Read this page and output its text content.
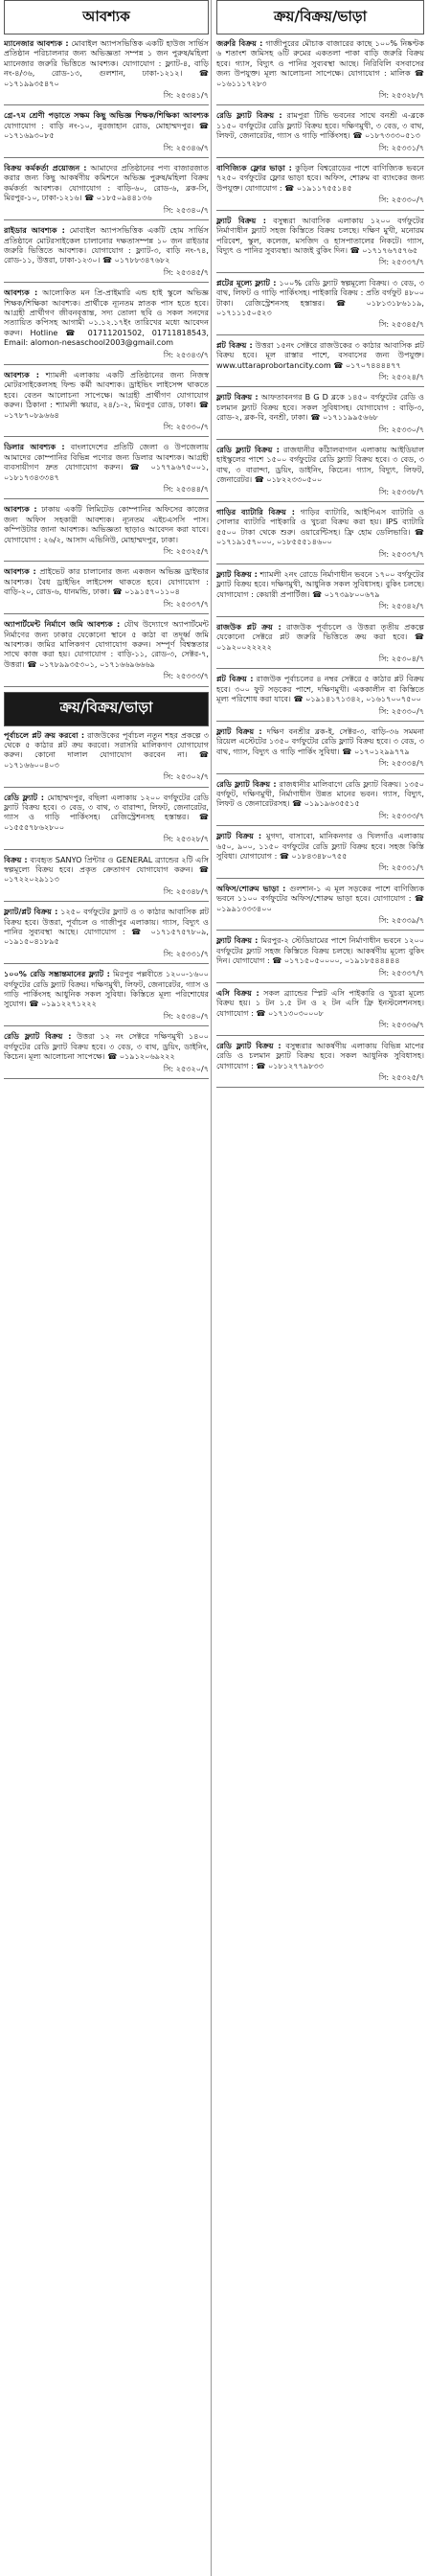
আবশ্যক
ম্যানেজার আবশ্যক : মোবাইল অ্যাপসভিত্তিক একটি হাউজ সার্ভিস প্রতিষ্ঠান পরিচালনার জন্য অভিজ্ঞতা সম্পন্ন ১ জন পুরুষ/মহিলা ম্যানেজার জরুরি ভিত্তিতে আবশ্যক। যোগাযোগ : ফ্ল্যাট-৪, বাড়ি নং-৪/৩৬, রোড-১৩, গুলশান, ঢাকা-১২১২। ☎ ০১৭১৯৯৩৫৪৭০
সি: ২৫৩৪১/৭
গ্রে-৭ম শ্রেণী পড়াতে সক্ষম কিছু অভিজ্ঞ শিক্ষক/শিক্ষিকা আবশ্যক যোগাযোগ : বাড়ি নং-১০, নুরজাহান রোড, মোহাম্মদপুর। ☎ ০১৭১৬৯৩০৮৫
সি: ২৫৩৪৬/৭
বিক্রয় কর্মকর্তা প্রয়োজন : আমাদের প্রতিষ্ঠানের পণ্য বাজারজাত করার জন্য কিছু আকর্ষণীয় কমিশনে অভিজ্ঞ পুরুষ/মহিলা বিক্রয় কর্মকর্তা আবশ্যক। যোগাযোগ : বাড়ি-৬০, রোড-৬, ব্লক-সি, মিরপুর-১০, ঢাকা-১২১৬। ☎ ০১৮৫০৯৪৪১৩৬
সি: ২৫৩৪০/৭
রাইডার আবশ্যক : মোবাইল অ্যাপসভিত্তিক একটি হোম সার্ভিস প্রতিষ্ঠানে মোটরসাইকেল চালানোর দক্ষতাসম্পন্ন ১০ জন রাইডার জরুরি ভিত্তিতে আবশ্যক। যোগাযোগ : ফ্ল্যাট-৩, বাড়ি নং-৭৪, রোড-১১, উত্তরা, ঢাকা-১২৩০। ☎ ০১৭৮৮৩৪৭৬৮২
সি: ২৫৩৪৫/৭
আবশ্যক : আলোকিত মন প্রি-প্রাইমারি এন্ড হাই স্কুলে অভিজ্ঞ শিক্ষক/শিক্ষিকা আবশ্যক। প্রার্থীকে ন্যূনতম স্নাতক পাস হতে হবে। আগ্রহী প্রার্থীগণ জীবনবৃত্তান্ত, সদ্য তোলা ছবি ও সকল সনদের সত্যায়িত কপিসহ আগামী ০১.১২.১৭ইং তারিখের মধ্যে আবেদন করুন। Hotline ☎ 01711201502, 01711818543, Email: alomon-nesaschool2003@gmail.com
সি: ২৫৩৪৩/৭
আবশ্যক : শ্যামলী এলাকায় একটি প্রতিষ্ঠানের জন্য নিজস্ব মোটরসাইকেলসহ ফিল্ড কর্মী আবশ্যক। ড্রাইভিং লাইসেন্স থাকতে হবে। বেতন আলোচনা সাপেক্ষে। আগ্রহী প্রার্থীগণ যোগাযোগ করুন। ঠিকানা : শ্যামলী স্কয়ার, ২৪/১-২, মিরপুর রোড, ঢাকা। ☎ ০১৭৮৭০৮৯৬৬৪
সি: ২৫৩৩০/৭
ডিলার আবশ্যক : বাংলাদেশের প্রতিটি জেলা ও উপজেলায় আমাদের কোম্পানির বিভিন্ন পণ্যের জন্য ডিলার আবশ্যক। আগ্রহী ব্যবসায়ীগণ দ্রুত যোগাযোগ করুন। ☎ ০১৭৭৯৬৭৫০০১, ০১৮১৭৩৪৩৩৪৭
সি: ২৫৩৪৪/৭
আবশ্যক : ঢাকায় একটি লিমিটেড কোম্পানির অফিসের কাজের জন্য অফিস সহকারী আবশ্যক। ন্যূনতম এইচএসসি পাস। কম্পিউটার জানা আবশ্যক। অভিজ্ঞতা ছাড়াও আবেদন করা যাবে। যোগাযোগ : ২৬/২, আসাদ এভিনিউ, মোহাম্মদপুর, ঢাকা।
সি: ২৫৩২৫/৭
আবশ্যক : প্রাইভেট কার চালানোর জন্য একজন অভিজ্ঞ ড্রাইভার আবশ্যক। বৈধ ড্রাইভিং লাইসেন্স থাকতে হবে। যোগাযোগ : বাড়ি-২০, রোড-৬, ধানমন্ডি, ঢাকা। ☎ ০১৯১৫৭০১১০৪
সি: ২৫৩৩৭/৭
অ্যাপার্টমেন্ট নির্মাণে জমি আবশ্যক : যৌথ উদ্যোগে অ্যাপার্টমেন্ট নির্মাণের জন্য ঢাকার যেকোনো স্থানে ৫ কাঠা বা তদূর্ধ্ব জমি আবশ্যক। জমির মালিকগণ যোগাযোগ করুন। সম্পূর্ণ বিশ্বস্ততার সাথে কাজ করা হয়। যোগাযোগ : বাড়ি-১১, রোড-৩, সেক্টর-৭, উত্তরা। ☎ ০১৭৮৯৯৩৫৩০১, ০১৭১৬৬৯৬৬৬৯
সি: ২৫৩৩৩/৭
ক্রয়/বিক্রয়/ভাড়া
পূর্বাচলে প্লট ক্রয় করবো : রাজউকের পূর্বাচল নতুন শহর প্রকল্পে ৩ থেকে ৫ কাঠার প্লট ক্রয় করবো। সরাসরি মালিকগণ যোগাযোগ করুন। কোনো দালাল যোগাযোগ করবেন না। ☎ ০১৭১৬৬০০৪০৩
সি: ২৫৩০২/৭
রেডি ফ্ল্যাট : মোহাম্মদপুর, বছিলা এলাকায় ১২০০ বর্গফুটের রেডি ফ্ল্যাট বিক্রয় হবে। ৩ বেড, ৩ বাথ, ৩ বারান্দা, লিফট, জেনারেটর, গ্যাস ও গাড়ি পার্কিংসহ। রেজিস্ট্রেশনসহ হস্তান্তর। ☎ ০১৫৫৫৭৮৬২৮০০
সি: ২৫৩২৮/৭
বিক্রয় : ব্যবহৃত SANYO প্রিন্টার ও GENERAL ব্র্যান্ডের ২টি এসি স্বল্পমূল্যে বিক্রয় হবে। প্রকৃত ক্রেতাগণ যোগাযোগ করুন। ☎ ০১৭২২০২৯১১৩
সি: ২৫৩৪৮/৭
ফ্ল্যাট/প্লট বিক্রয় : ১২৫০ বর্গফুটের ফ্ল্যাট ও ৩ কাঠার আবাসিক প্লট বিক্রয় হবে। উত্তরা, পূর্বাচল ও গাজীপুর এলাকায়। গ্যাস, বিদ্যুৎ ও পানির সুব্যবস্থা আছে। যোগাযোগ : ☎ ০১৭১৫৭৫৭৮০৯, ০১৯১৫০৪১৮৯৫
সি: ২৫৩৩১/৭
১০০% রেডি সম্ভ্রান্তমানের ফ্ল্যাট : মিরপুর পল্লবীতে ১২০০-১৬০০ বর্গফুটের রেডি ফ্ল্যাট বিক্রয়। দক্ষিণমুখী, লিফট, জেনারেটর, গ্যাস ও গাড়ি পার্কিংসহ আধুনিক সকল সুবিধা। কিস্তিতে মূল্য পরিশোধের সুযোগ। ☎ ০১৯১২২৭১২২২
সি: ২৫৩৪০/৭
রেডি ফ্ল্যাট বিক্রয় : উত্তরা ১২ নং সেক্টরে দক্ষিণমুখী ১৪০০ বর্গফুটের রেডি ফ্ল্যাট বিক্রয় হবে। ৩ বেড, ৩ বাথ, ড্রয়িং, ডাইনিং, কিচেন। মূল্য আলোচনা সাপেক্ষে। ☎ ০১৯১২০৬৯২২২
সি: ২৫৩২০/৭
ক্রয়/বিক্রয়/ভাড়া
জরুরি বিক্রয় : গাজীপুরের মৌচাক বাজারের কাছে ১০০% নিষ্কণ্টক ৬ শতাংশ জমিসহ ৬টি রুমের একতলা পাকা বাড়ি জরুরি বিক্রয় হবে। গ্যাস, বিদ্যুৎ ও পানির সুব্যবস্থা আছে। নিরিবিলি বসবাসের জন্য উপযুক্ত। মূল্য আলোচনা সাপেক্ষে। যোগাযোগ : মালিক ☎ ০১৬১১১৭২৮৩
সি: ২৫৩২৮/৭
রেডি ফ্ল্যাট বিক্রয় : রামপুরা টিভি ভবনের সাথে বনশ্রী এ-ব্লকে ১১৫০ বর্গফুটের রেডি ফ্ল্যাট বিক্রয় হবে। দক্ষিণমুখী, ৩ বেড, ৩ বাথ, লিফট, জেনারেটর, গ্যাস ও গাড়ি পার্কিংসহ। ☎ ০১৮৭৩৩৩০৫১৩
সি: ২৫৩৩১/৭
বাণিজ্যিক ফ্লোর ভাড়া : কুড়িল বিশ্বরোডের পাশে বাণিজ্যিক ভবনে ৭২৫০ বর্গফুটের ফ্লোর ভাড়া হবে। অফিস, শোরুম বা ব্যাংকের জন্য উপযুক্ত। যোগাযোগ : ☎ ০১৯১১৭৫৫১৪৫
সি: ২৫৩৩০/৭
ফ্ল্যাট বিক্রয় : বসুন্ধরা আবাসিক এলাকায় ১২০০ বর্গফুটের নির্মাণাধীন ফ্ল্যাট সহজ কিস্তিতে বিক্রয় চলছে। দক্ষিণ মুখী, মনোরম পরিবেশ, স্কুল, কলেজ, মসজিদ ও হাসপাতালের নিকটে। গ্যাস, বিদ্যুৎ ও পানির সুব্যবস্থা। আজই বুকিং দিন। ☎ ০১৭১৭৬৭৫৭৬৫
সি: ২৫৩৩৭/৭
প্লটের মূল্যে ফ্ল্যাট : ১০০% রেডি ফ্ল্যাট স্বল্পমূল্যে বিক্রয়। ৩ বেড, ৩ বাথ, লিফট ও গাড়ি পার্কিংসহ। পাইকারি বিক্রয় : প্রতি বর্গফুট ৪৮০০ টাকা। রেজিস্ট্রেশনসহ হস্তান্তর। ☎ ০১৮১৩১৮৬১১৯, ০১৭১১১৫০৫২৩
সি: ২৫৩৪৫/৭
প্লট বিক্রয় : উত্তরা ১৫নং সেক্টরে রাজউকের ৩ কাঠার আবাসিক প্লট বিক্রয় হবে। মূল রাস্তার পাশে, বসবাসের জন্য উপযুক্ত। www.uttaraprobortancity.com ☎ ০১৭০৭৪৪৪৪৭৭
সি: ২৫৩২৪/৭
ফ্ল্যাট বিক্রয় : আফতাবনগর B G D ব্লকে ১৪৫০ বর্গফুটের রেডি ও চলমান ফ্ল্যাট বিক্রয় হবে। সকল সুবিধাসহ। যোগাযোগ : বাড়ি-৩, রোড-২, ব্লক-বি, বনশ্রী, ঢাকা। ☎ ০১৭১১৯৯৫৬৬৮
সি: ২৫৩৩০/৭
রেডি ফ্ল্যাট বিক্রয় : রাজধানীর কাঁঠালবাগান এলাকায় আইডিয়াল হাইস্কুলের পাশে ১৫০০ বর্গফুটের রেডি ফ্ল্যাট বিক্রয় হবে। ৩ বেড, ৩ বাথ, ৩ বারান্দা, ড্রয়িং, ডাইনিং, কিচেন। গ্যাস, বিদ্যুৎ, লিফট, জেনারেটর। ☎ ০১৮২২৩৩০৫০০
সি: ২৫৩৩৮/৭
গাড়ির ব্যাটারি বিক্রয় : গাড়ির ব্যাটারি, আইপিএস ব্যাটারি ও সোলার ব্যাটারি পাইকারি ও খুচরা বিক্রয় করা হয়। IPS ব্যাটারি ৫৫০০ টাকা থেকে শুরু। ওয়ারেন্টিসহ। ফ্রি হোম ডেলিভারি। ☎ ০১৭১৯১৫৭০০০, ০১৮৫৫৫১৪৬০০
সি: ২৫৩৩৭/৭
ফ্ল্যাট বিক্রয় : শ্যামলী ২নং রোডে নির্মাণাধীন ভবনে ১৭০০ বর্গফুটের ফ্ল্যাট বিক্রয় হবে। দক্ষিণমুখী, আধুনিক সকল সুবিধাসহ। বুকিং চলছে। যোগাযোগ : কেয়ারী প্রপার্টিজ। ☎ ০১৭৩৯৮০০৬৭৯
সি: ২৫৩৪২/৭
রাজউক প্লট ক্রয় : রাজউক পূর্বাচলে ও উত্তরা তৃতীয় প্রকল্পে যেকোনো সেক্টরে প্লট জরুরি ভিত্তিতে ক্রয় করা হবে। ☎ ০১৯২০০২২২২২
সি: ২৫৩০৪/৭
প্লট বিক্রয় : রাজউক পূর্বাচলের ৪ নম্বর সেক্টরে ৫ কাঠার প্লট বিক্রয় হবে। ৩০০ ফুট সড়কের পাশে, দক্ষিণমুখী। এককালীন বা কিস্তিতে মূল্য পরিশোধ করা যাবে। ☎ ০১৯১৪১৭১৩৪২, ০১৬১৭০০৭৫০০
সি: ২৫৩৩০/৭
ফ্ল্যাট বিক্রয় : দক্ষিণ বনশ্রীর ব্লক-ই, সেক্টর-৩, বাড়ি-৩৬ সমমনা রিয়েল এস্টেটের ১৩৫০ বর্গফুটের রেডি ফ্ল্যাট বিক্রয় হবে। ৩ বেড, ৩ বাথ, গ্যাস, বিদ্যুৎ ও গাড়ি পার্কিং সুবিধা। ☎ ০১৭০১২৯৯৭৭৯
সি: ২৫৩৩৪/৭
রেডি ফ্ল্যাট বিক্রয় : রাজধানীর মালিবাগে রেডি ফ্ল্যাট বিক্রয়। ১৩৫০ বর্গফুট, দক্ষিণমুখী, নির্মাণাধীন উন্নত মানের ভবন। গ্যাস, বিদ্যুৎ, লিফট ও জেনারেটরসহ। ☎ ০১৯১৯৬৩৫৫১৫
সি: ২৫৩৩৩/৭
ফ্ল্যাট বিক্রয় : মুগদা, বাসাবো, মানিকনগর ও খিলগাঁও এলাকায় ৬৫০, ৯০০, ১১৫০ বর্গফুটের রেডি ফ্ল্যাট বিক্রয় হবে। সহজ কিস্তি সুবিধা। যোগাযোগ : ☎ ০১৮৪৩৪৮০৭৫৫
সি: ২৫৩৩১/৭
অফিস/শোরুম ভাড়া : গুলশান-১ এ মূল সড়কের পাশে বাণিজ্যিক ভবনে ১১০০ বর্গফুটের অফিস/শোরুম ভাড়া হবে। যোগাযোগ : ☎ ০১৯৯১৩৩৩৪০০
সি: ২৫৩৩৯/৭
ফ্ল্যাট বিক্রয় : মিরপুর-২ স্টেডিয়ামের পাশে নির্মাণাধীন ভবনে ১২০০ বর্গফুটের ফ্ল্যাট সহজ কিস্তিতে বিক্রয় চলছে। আকর্ষণীয় মূল্যে বুকিং দিন। যোগাযোগ : ☎ ০১৭১৫০৫০০০০, ০১৯১৮৫৪৪৪৪৪
সি: ২৫৩৩৭/৭
এসি বিক্রয় : সকল ব্র্যান্ডের স্প্লিট এসি পাইকারি ও খুচরা মূল্যে বিক্রয় হয়। ১ টন ১.৫ টন ও ২ টন এসি ফ্রি ইনস্টলেশনসহ। যোগাযোগ : ☎ ০১৭১৩০৩০০০৮
সি: ২৫৩৩৬/৭
রেডি ফ্ল্যাট বিক্রয় : বসুন্ধরার আকর্ষণীয় এলাকায় বিভিন্ন মাপের রেডি ও চলমান ফ্ল্যাট বিক্রয় হবে। সকল আধুনিক সুবিধাসহ। যোগাযোগ : ☎ ০১৮১২৭৭৯৮৩৩
সি: ২৫৩২৫/৭
